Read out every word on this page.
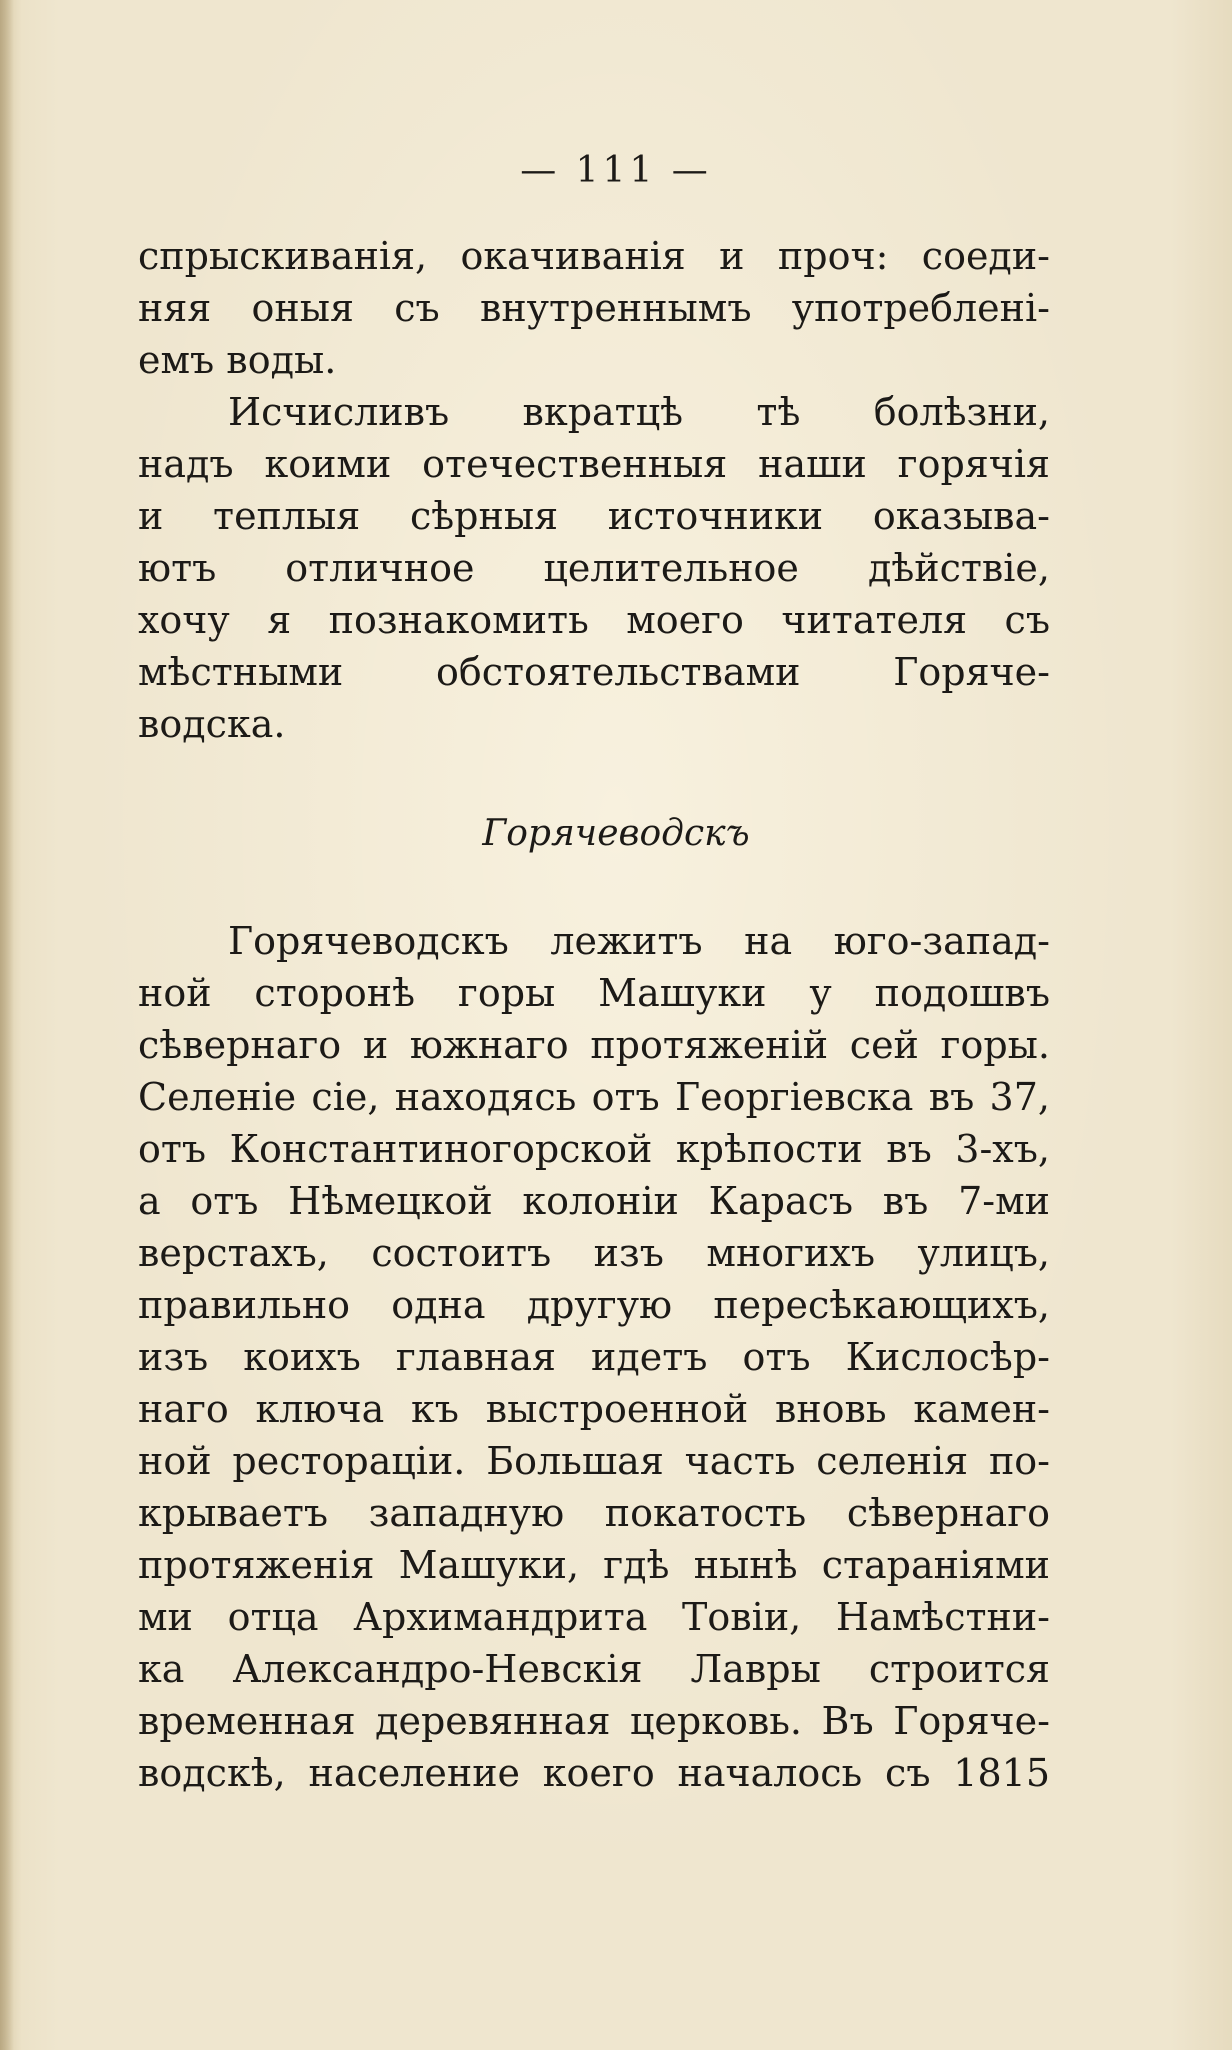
— 111 —
спрыскиванія, окачиванія и проч: соеди-
няя оныя съ внутреннымъ употреблені-
емъ воды.
Исчисливъ вкратцѣ тѣ болѣзни,
надъ коими отечественныя наши горячія
и теплыя сѣрныя источники оказыва-
ютъ отличное целительное дѣйствіе,
хочу я познакомить моего читателя съ
мѣстными обстоятельствами Горяче-
водска.
Горячеводскъ
Горячеводскъ лежитъ на юго-запад-
ной сторонѣ горы Машуки у подошвъ
сѣвернаго и южнаго протяженій сей горы.
Селеніе сіе, находясь отъ Георгіевска въ 37,
отъ Константиногорской крѣпости въ 3-хъ,
а отъ Нѣмецкой колоніи Карасъ въ 7-ми
верстахъ, состоитъ изъ многихъ улицъ,
правильно одна другую пересѣкающихъ,
изъ коихъ главная идетъ отъ Кислосѣр-
наго ключа къ выстроенной вновь камен-
ной ресторацiи. Большая часть селенія по-
крываетъ западную покатость сѣвернаго
протяженія Машуки, гдѣ нынѣ стараніями
ми отца Архимандрита Товіи, Намѣстни-
ка Александро-Невскія Лавры строится
временная деревянная церковь. Въ Горяче-
водскѣ, население коего началось съ 1815
